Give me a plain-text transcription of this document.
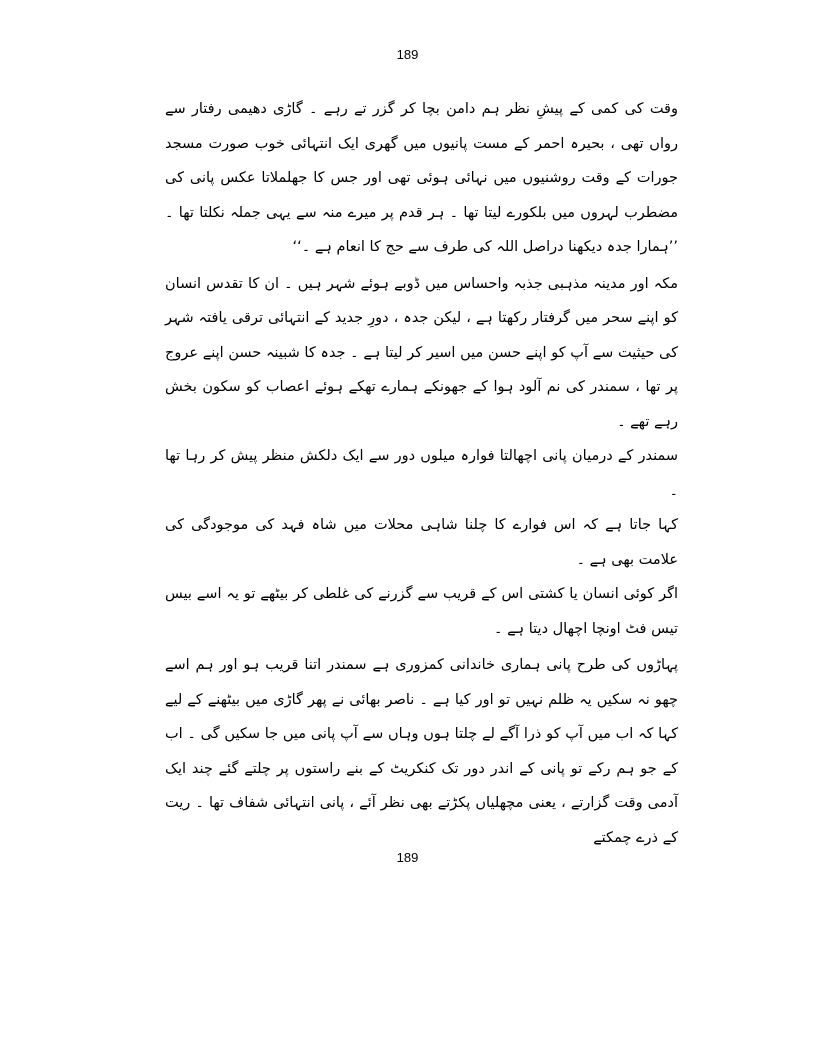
189

وقت کی کمی کے پیشِ نظر ہم دامن بچا کر گزر تے رہے ۔ گاڑی دھیمی رفتار سے رواں تھی ، بحیرہ احمر کے مست پانیوں میں گھری ایک انتہائی خوب صورت مسجد جورات کے وقت روشنیوں میں نہائی ہوئی تھی اور جس کا جھلملاتا عکس پانی کی مضطرب لہروں میں بلکورے لیتا تھا ۔ ہر قدم پر میرے منہ سے یہی جملہ نکلتا تھا ۔ ’’ہمارا جدہ دیکھنا دراصل اللہ کی طرف سے حج کا انعام ہے ۔‘‘

مکہ اور مدینہ مذہبی جذبہ واحساس میں ڈوبے ہوئے شہر ہیں ۔ ان کا تقدس انسان کو اپنے سحر میں گرفتار رکھتا ہے ، لیکن جدہ ، دورِ جدید کے انتہائی ترقی یافتہ شہر کی حیثیت سے آپ کو اپنے حسن میں اسیر کر لیتا ہے ۔ جدہ کا شبینہ حسن اپنے عروج پر تھا ، سمندر کی نم آلود ہوا کے جھونکے ہمارے تھکے ہوئے اعصاب کو سکون بخش رہے تھے ۔

سمندر کے درمیان پانی اچھالتا فوارہ میلوں دور سے ایک دلکش منظر پیش کر رہا تھا ۔

کہا جاتا ہے کہ اس فوارے کا چلنا شاہی محلات میں شاہ فہد کی موجودگی کی علامت بھی ہے ۔

اگر کوئی انسان یا کشتی اس کے قریب سے گزرنے کی غلطی کر بیٹھے تو یہ اسے بیس تیس فٹ اونچا اچھال دیتا ہے ۔

پہاڑوں کی طرح پانی ہماری خاندانی کمزوری ہے سمندر اتنا قریب ہو اور ہم اسے چھو نہ سکیں یہ ظلم نہیں تو اور کیا ہے ۔ ناصر بھائی نے پھر گاڑی میں بیٹھنے کے لیے کہا کہ اب میں آپ کو ذرا آگے لے چلتا ہوں وہاں سے آپ پانی میں جا سکیں گی ۔ اب کے جو ہم رکے تو پانی کے اندر دور تک کنکریٹ کے بنے راستوں پر چلتے گئے چند ایک آدمی وقت گزارتے ، یعنی مچھلیاں پکڑتے بھی نظر آئے ، پانی انتہائی شفاف تھا ۔ ریت کے ذرے چمکتے

189
